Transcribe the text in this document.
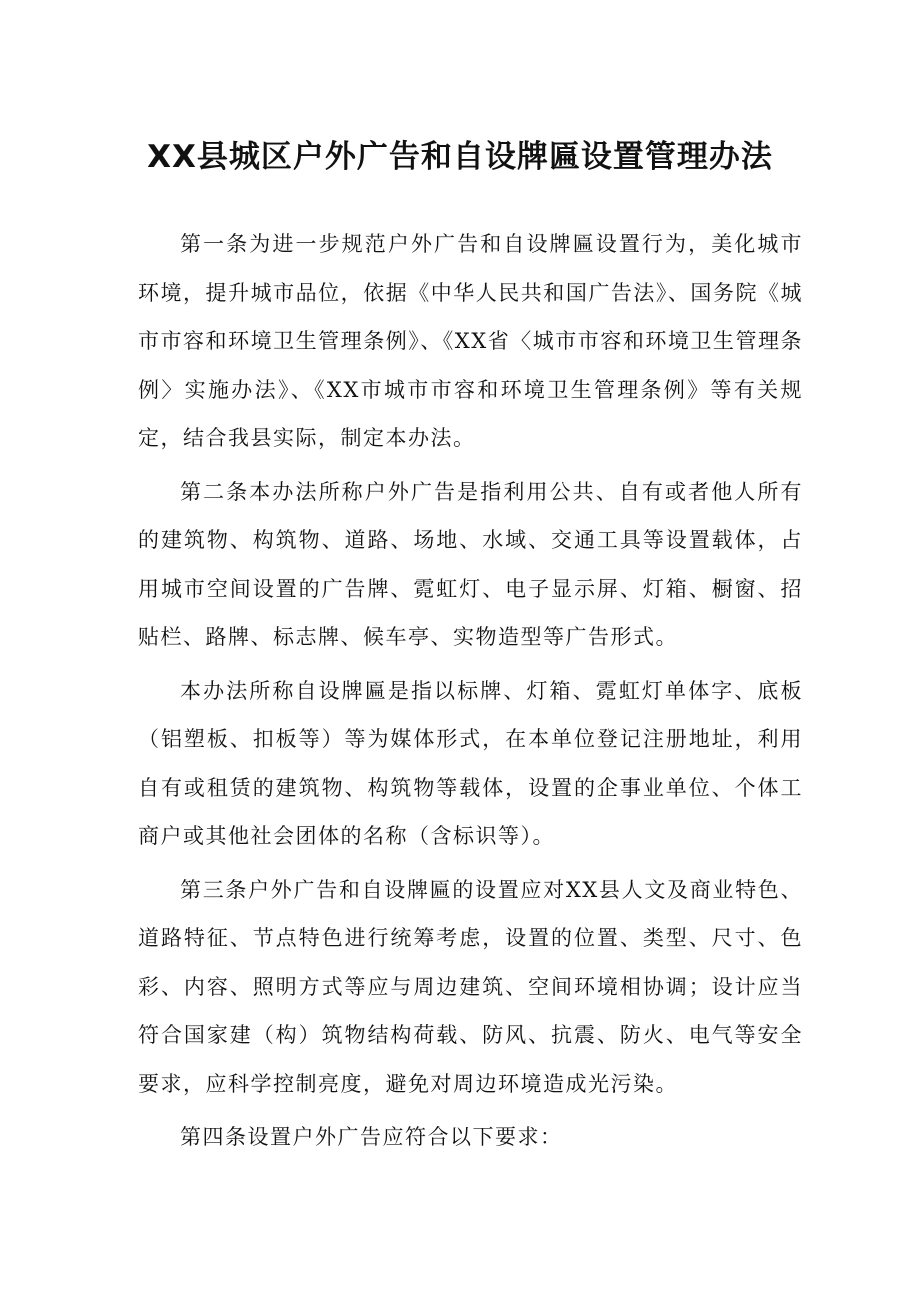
XX县城区户外广告和自设牌匾设置管理办法

第一条为进一步规范户外广告和自设牌匾设置行为，美化城市环境，提升城市品位，依据《中华人民共和国广告法》、国务院《城市市容和环境卫生管理条例》、《XX省〈城市市容和环境卫生管理条例〉实施办法》、《XX市城市市容和环境卫生管理条例》等有关规定，结合我县实际，制定本办法。

第二条本办法所称户外广告是指利用公共、自有或者他人所有的建筑物、构筑物、道路、场地、水域、交通工具等设置载体，占用城市空间设置的广告牌、霓虹灯、电子显示屏、灯箱、橱窗、招贴栏、路牌、标志牌、候车亭、实物造型等广告形式。

本办法所称自设牌匾是指以标牌、灯箱、霓虹灯单体字、底板（铝塑板、扣板等）等为媒体形式，在本单位登记注册地址，利用自有或租赁的建筑物、构筑物等载体，设置的企事业单位、个体工商户或其他社会团体的名称（含标识等）。

第三条户外广告和自设牌匾的设置应对XX县人文及商业特色、道路特征、节点特色进行统筹考虑，设置的位置、类型、尺寸、色彩、内容、照明方式等应与周边建筑、空间环境相协调；设计应当符合国家建（构）筑物结构荷载、防风、抗震、防火、电气等安全要求，应科学控制亮度，避免对周边环境造成光污染。

第四条设置户外广告应符合以下要求：
